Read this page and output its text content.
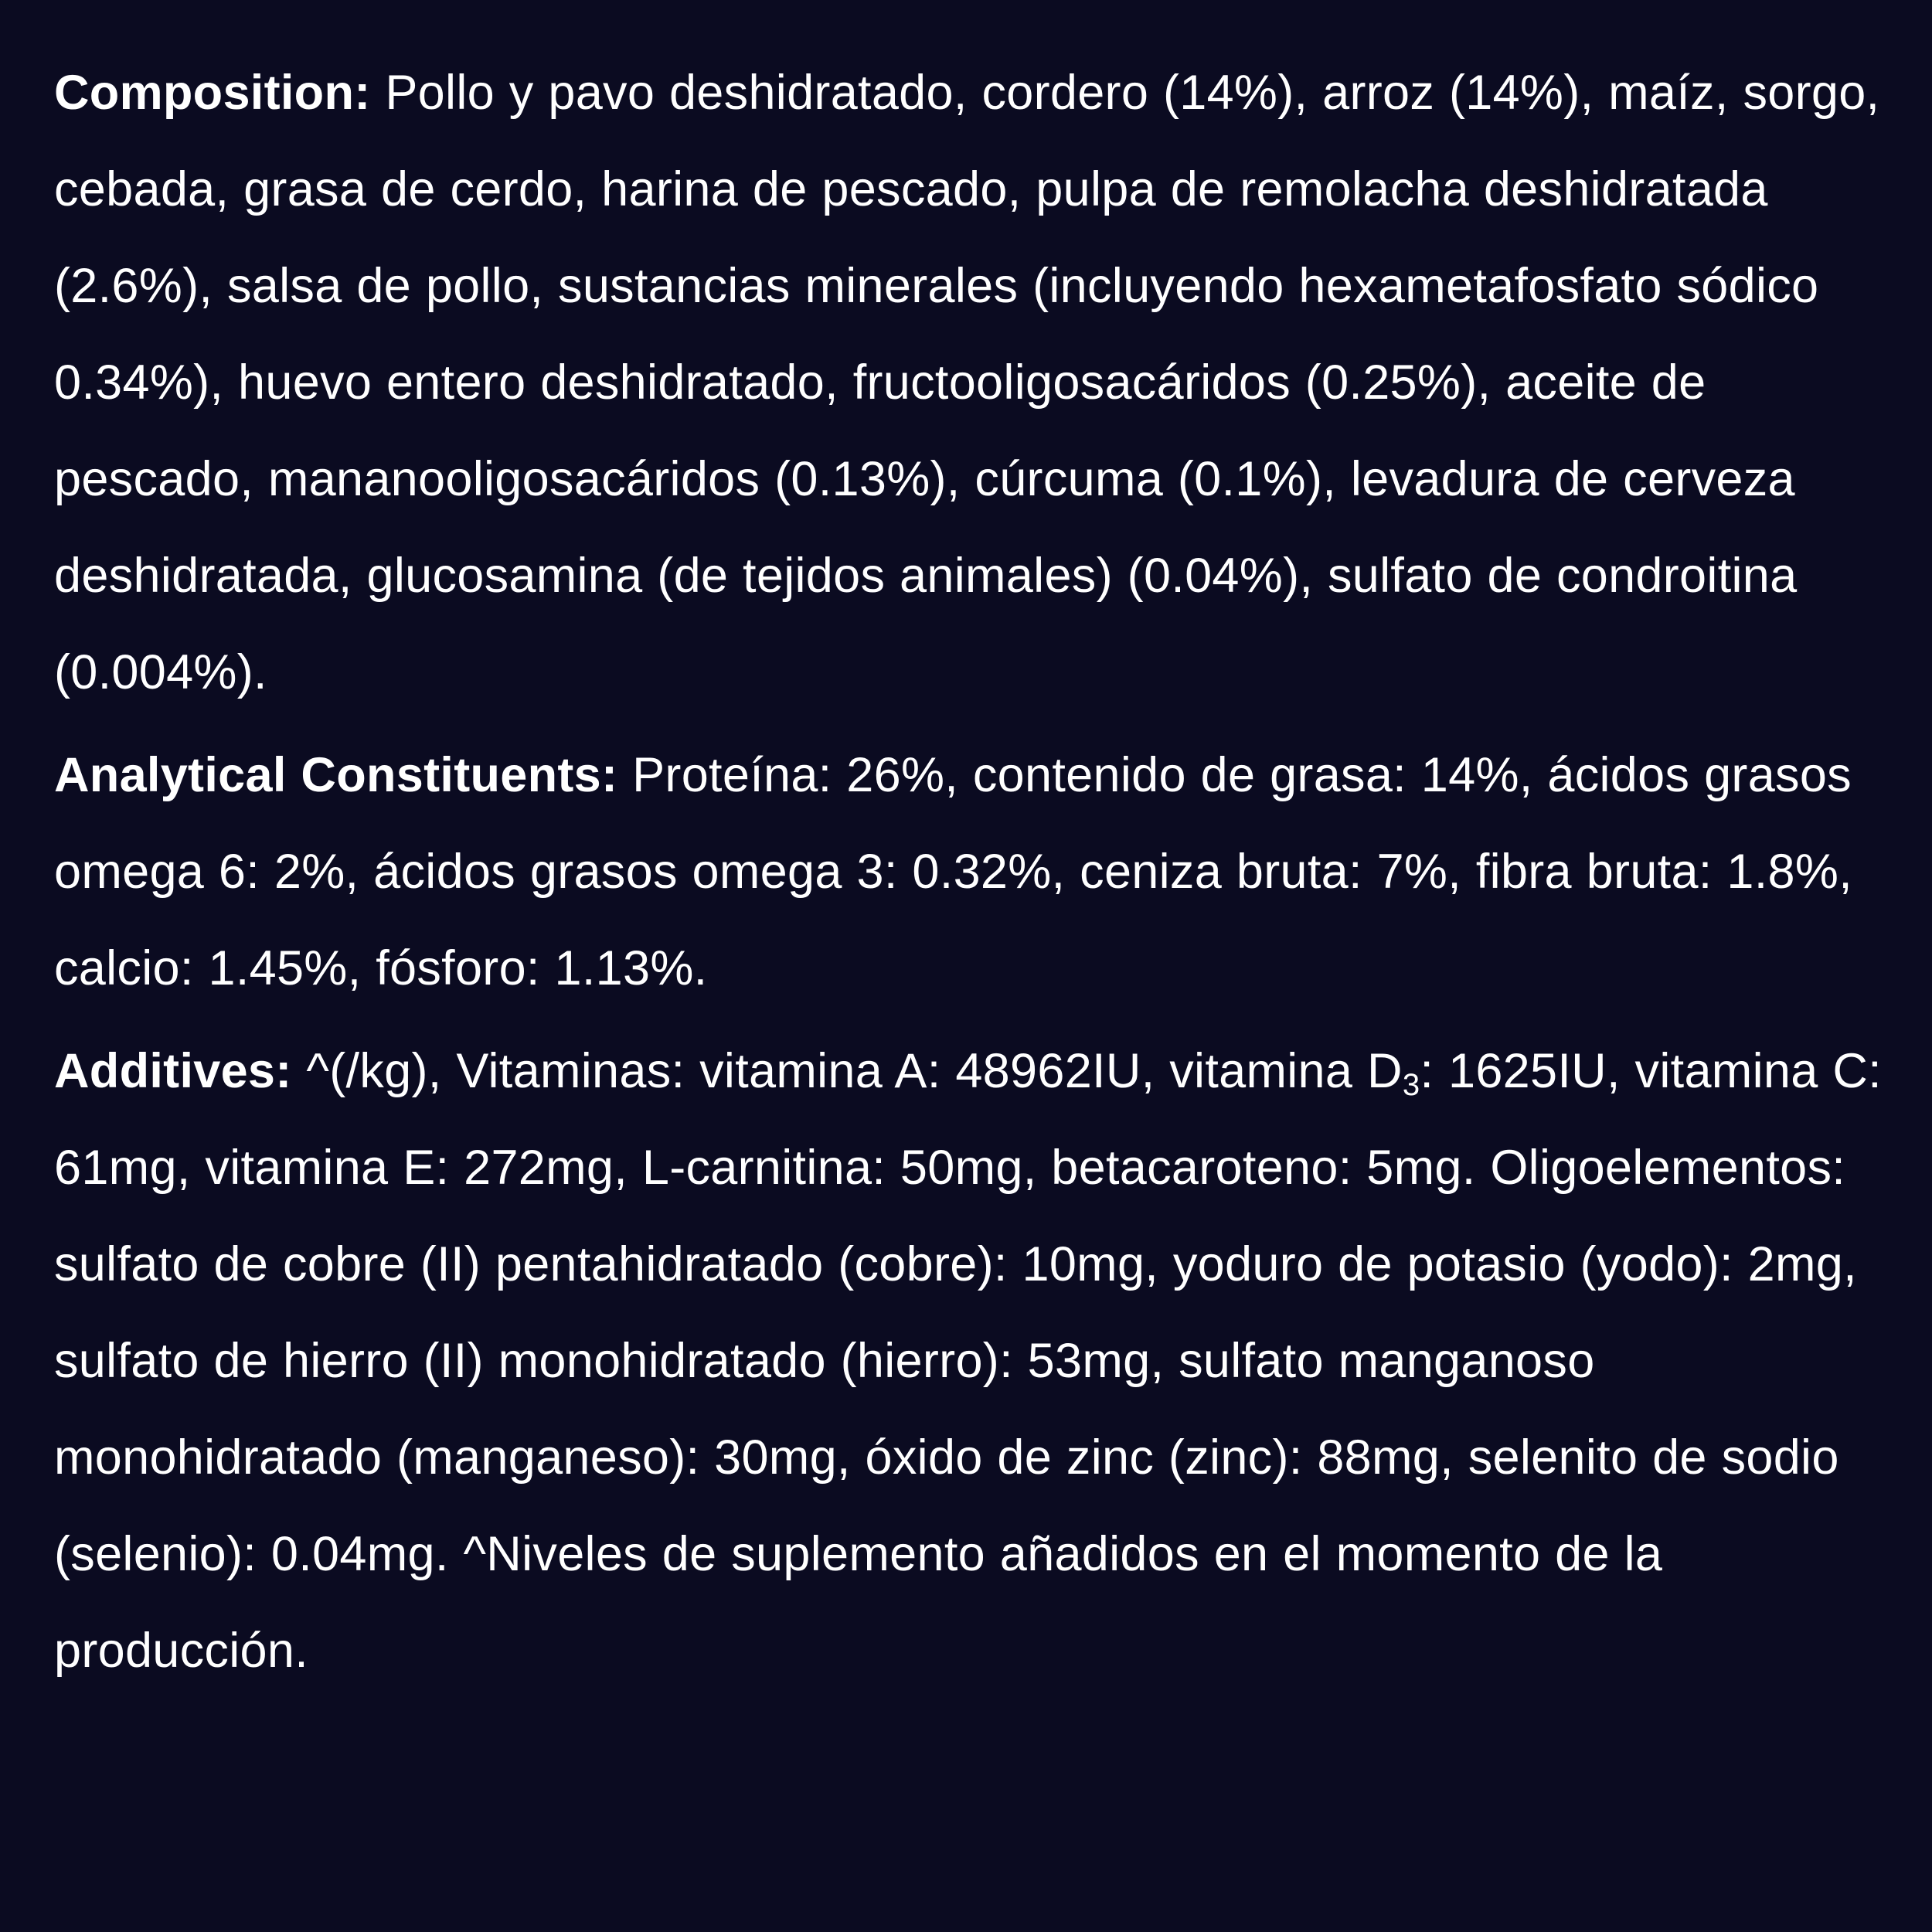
Composition: Pollo y pavo deshidratado, cordero (14%), arroz (14%), maíz, sorgo, cebada, grasa de cerdo, harina de pescado, pulpa de remolacha deshidratada (2.6%), salsa de pollo, sustancias minerales (incluyendo hexametafosfato sódico 0.34%), huevo entero deshidratado, fructooligosacáridos (0.25%), aceite de pescado, mananooligosacáridos (0.13%), cúrcuma (0.1%), levadura de cerveza deshidratada, glucosamina (de tejidos animales) (0.04%), sulfato de condroitina (0.004%).

Analytical Constituents: Proteína: 26%, contenido de grasa: 14%, ácidos grasos omega 6: 2%, ácidos grasos omega 3: 0.32%, ceniza bruta: 7%, fibra bruta: 1.8%, calcio: 1.45%, fósforo: 1.13%.

Additives: ^(/kg), Vitaminas: vitamina A: 48962IU, vitamina $D_3$: 1625IU, vitamina C: 61mg, vitamina E: 272mg, L-carnitina: 50mg, betacaroteno: 5mg. Oligoelementos: sulfato de cobre (II) pentahidratado (cobre): 10mg, yoduro de potasio (yodo): 2mg, sulfato de hierro (II) monohidratado (hierro): 53mg, sulfato manganoso monohidratado (manganeso): 30mg, óxido de zinc (zinc): 88mg, selenito de sodio (selenio): 0.04mg. ^Niveles de suplemento añadidos en el momento de la producción.
